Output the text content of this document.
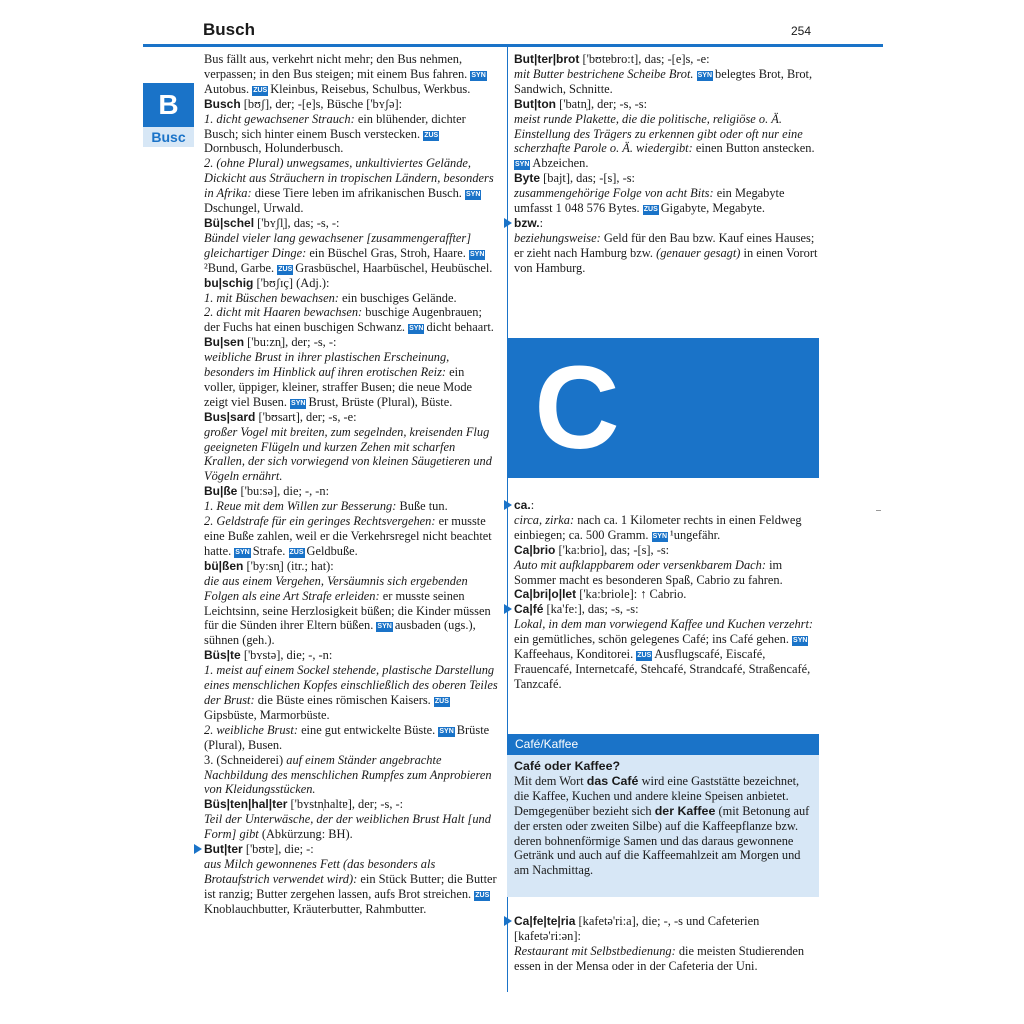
Busch	254
B
Busc

Bus fällt aus, verkehrt nicht mehr; den Bus nehmen, verpassen; in den Bus steigen; mit einem Bus fahren. SYNAutobus. ZUS Kleinbus, Reisebus, Schulbus, Werkbus.

Busch [bʊʃ], der; -[e]s, Büsche ['bʏʃə]:
1. dicht gewachsener Strauch: ein blühender, dichter Busch; sich hinter einem Busch verstecken. ZUSDornbusch, Holunderbusch.
2. (ohne Plural) unwegsames, unkultiviertes Gelände, Dickicht aus Sträuchern in tropischen Ländern, besonders in Afrika: diese Tiere leben im afrikanischen Busch. SYNDschungel, Urwald.

Bü|schel ['bʏʃl̩], das; -s, -:
Bündel vieler lang gewachsener [zusammengeraffter] gleichartiger Dinge: ein Büschel Gras, Stroh, Haare. SYN²Bund, Garbe. ZUS Grasbüschel, Haarbüschel, Heubüschel.

bu|schig ['bʊʃɪç] (Adj.):
1. mit Büschen bewachsen: ein buschiges Gelände.
2. dicht mit Haaren bewachsen: buschige Augenbrauen; der Fuchs hat einen buschigen Schwanz. SYN dicht behaart.

Bu|sen ['bu:zn̩], der; -s, -:
weibliche Brust in ihrer plastischen Erscheinung, besonders im Hinblick auf ihren erotischen Reiz: ein voller, üppiger, kleiner, straffer Busen; die neue Mode zeigt viel Busen. SYN Brust, Brüste (Plural), Büste.

Bus|sard ['bʊsart], der; -s, -e:
großer Vogel mit breiten, zum segelnden, kreisenden Flug geeigneten Flügeln und kurzen Zehen mit scharfen Krallen, der sich vorwiegend von kleinen Säugetieren und Vögeln ernährt.

Bu|ße ['bu:sə], die; -, -n:
1. Reue mit dem Willen zur Besserung: Buße tun.
2. Geldstrafe für ein geringes Rechtsvergehen: er musste eine Buße zahlen, weil er die Verkehrsregel nicht beachtet hatte. SYN Strafe. ZUS Geldbuße.

bü|ßen ['by:sn̩] (itr.; hat):
die aus einem Vergehen, Versäumnis sich ergebenden Folgen als eine Art Strafe erleiden: er musste seinen Leichtsinn, seine Herzlosigkeit büßen; die Kinder müssen für die Sünden ihrer Eltern büßen. SYN ausbaden (ugs.), sühnen (geh.).

Büs|te ['bʏstə], die; -, -n:
1. meist auf einem Sockel stehende, plastische Darstellung eines menschlichen Kopfes einschließlich des oberen Teiles der Brust: die Büste eines römischen Kaisers. ZUSGipsbüste, Marmorbüste.
2. weibliche Brust: eine gut entwickelte Büste. SYN Brüste (Plural), Busen.
3. (Schneiderei) auf einem Ständer angebrachte Nachbildung des menschlichen Rumpfes zum Anprobieren von Kleidungsstücken.

Büs|ten|hal|ter ['bʏstn̩haltɐ], der; -s, -:
Teil der Unterwäsche, der der weiblichen Brust Halt [und Form] gibt (Abkürzung: BH).

But|ter ['bʊtɐ], die; -:
aus Milch gewonnenes Fett (das besonders als Brotaufstrich verwendet wird): ein Stück Butter; die Butter ist ranzig; Butter zergehen lassen, aufs Brot streichen. ZUSKnoblauchbutter, Kräuterbutter, Rahmbutter.

But|ter|brot ['bʊtɐbro:t], das; -[e]s, -e:
mit Butter bestrichene Scheibe Brot. SYN belegtes Brot, Brot, Sandwich, Schnitte.

But|ton ['batn̩], der; -s, -s:
meist runde Plakette, die die politische, religiöse o. Ä. Einstellung des Trägers zu erkennen gibt oder oft nur eine scherzhafte Parole o. Ä. wiedergibt: einen Button anstecken. SYN Abzeichen.

Byte [bajt], das; -[s], -s:
zusammengehörige Folge von acht Bits: ein Megabyte umfasst 1 048 576 Bytes. ZUS Gigabyte, Megabyte.

bzw.:
beziehungsweise: Geld für den Bau bzw. Kauf eines Hauses; er zieht nach Hamburg bzw. (genauer gesagt) in einen Vorort von Hamburg.

C

ca.:
circa, zirka: nach ca. 1 Kilometer rechts in einen Feldweg einbiegen; ca. 500 Gramm. SYN ¹ungefähr.

Ca|brio ['ka:brio], das; -[s], -s:
Auto mit aufklappbarem oder versenkbarem Dach: im Sommer macht es besonderen Spaß, Cabrio zu fahren.

Ca|bri|o|let ['ka:briole]: ↑ Cabrio.

Ca|fé [ka'fe:], das; -s, -s:
Lokal, in dem man vorwiegend Kaffee und Kuchen verzehrt: ein gemütliches, schön gelegenes Café; ins Café gehen. SYNKaffeehaus, Konditorei. ZUS Ausflugscafé, Eiscafé, Frauencafé, Internetcafé, Stehcafé, Strandcafé, Straßencafé, Tanzcafé.

Café/Kaffee
Café oder Kaffee?
Mit dem Wort das Café wird eine Gaststätte bezeichnet, die Kaffee, Kuchen und andere kleine Speisen anbietet.
Demgegenüber bezieht sich der Kaffee (mit Betonung auf der ersten oder zweiten Silbe) auf die Kaffeepflanze bzw. deren bohnenförmige Samen und das daraus gewonnene Getränk und auch auf die Kaffeemahlzeit am Morgen und am Nachmittag.

Ca|fe|te|ria [kafetə'ri:a], die; -, -s und Cafeterien [kafetə'ri:ən]:
Restaurant mit Selbstbedienung: die meisten Studierenden essen in der Mensa oder in der Cafeteria der Uni.
